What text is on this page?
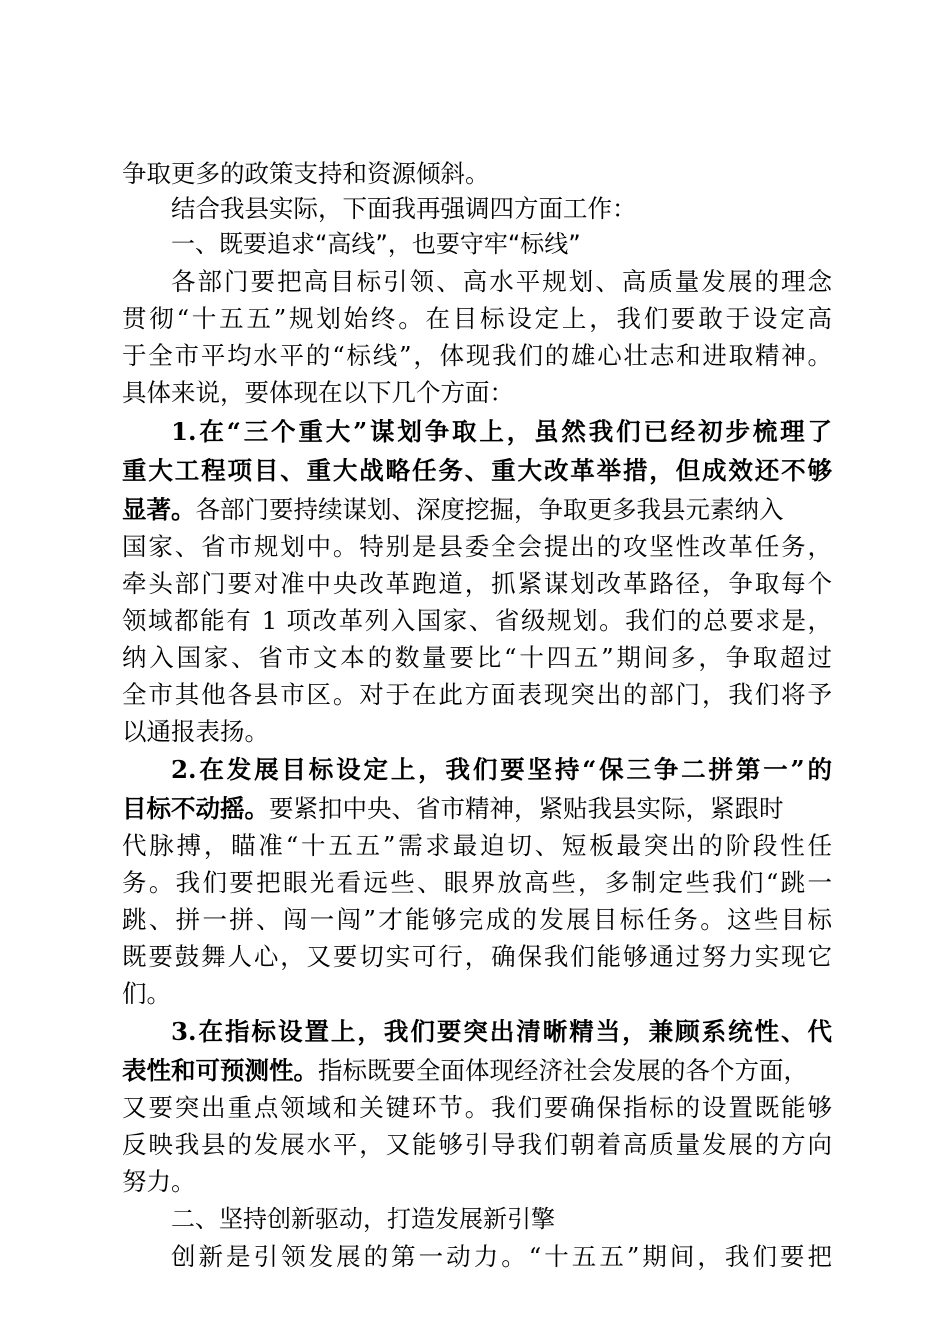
争取更多的政策支持和资源倾斜。
结合我县实际，下面我再强调四方面工作：
一、既要追求“高线”，也要守牢“标线”
各部门要把高目标引领、高水平规划、高质量发展的理念
贯彻“十五五”规划始终。在目标设定上，我们要敢于设定高
于全市平均水平的“标线”，体现我们的雄心壮志和进取精神。
具体来说，要体现在以下几个方面：
1.在“三个重大”谋划争取上，虽然我们已经初步梳理了
重大工程项目、重大战略任务、重大改革举措，但成效还不够
显著。各部门要持续谋划、深度挖掘，争取更多我县元素纳入
国家、省市规划中。特别是县委全会提出的攻坚性改革任务，
牵头部门要对准中央改革跑道，抓紧谋划改革路径，争取每个
领域都能有 1 项改革列入国家、省级规划。我们的总要求是，
纳入国家、省市文本的数量要比“十四五”期间多，争取超过
全市其他各县市区。对于在此方面表现突出的部门，我们将予
以通报表扬。
2.在发展目标设定上，我们要坚持“保三争二拼第一”的
目标不动摇。要紧扣中央、省市精神，紧贴我县实际，紧跟时
代脉搏，瞄准“十五五”需求最迫切、短板最突出的阶段性任
务。我们要把眼光看远些、眼界放高些，多制定些我们“跳一
跳、拼一拼、闯一闯”才能够完成的发展目标任务。这些目标
既要鼓舞人心，又要切实可行，确保我们能够通过努力实现它
们。
3.在指标设置上，我们要突出清晰精当，兼顾系统性、代
表性和可预测性。指标既要全面体现经济社会发展的各个方面，
又要突出重点领域和关键环节。我们要确保指标的设置既能够
反映我县的发展水平，又能够引导我们朝着高质量发展的方向
努力。
二、坚持创新驱动，打造发展新引擎
创新是引领发展的第一动力。“十五五”期间，我们要把
